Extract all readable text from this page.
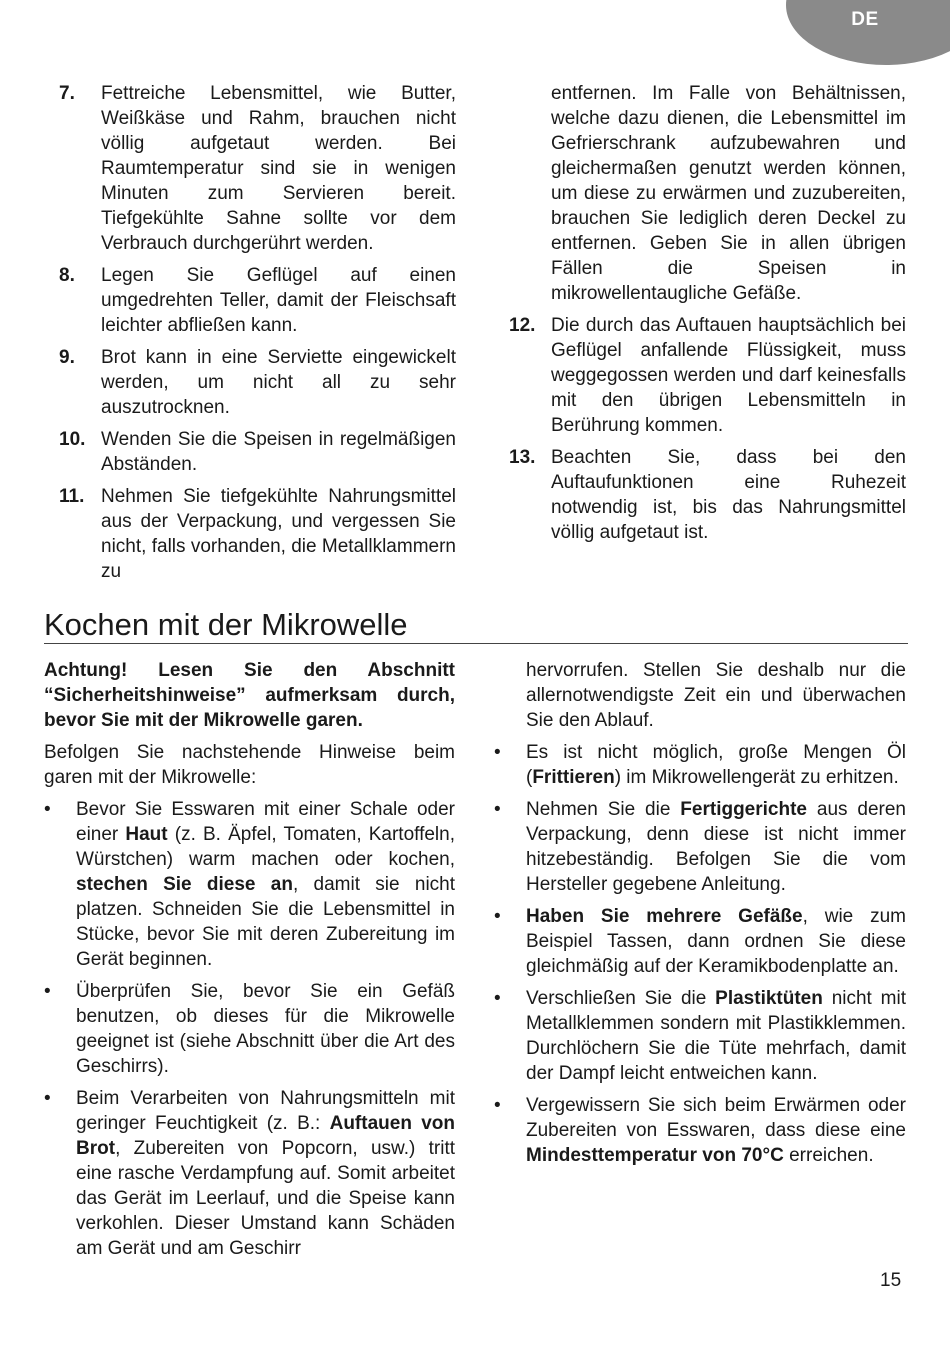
DE
7. Fettreiche Lebensmittel, wie Butter, Weißkäse und Rahm, brauchen nicht völlig aufgetaut werden. Bei Raumtemperatur sind sie in wenigen Minuten zum Servieren bereit. Tiefgekühlte Sahne sollte vor dem Verbrauch durchgerührt werden.
8. Legen Sie Geflügel auf einen umgedrehten Teller, damit der Fleischsaft leichter abfließen kann.
9. Brot kann in eine Serviette eingewickelt werden, um nicht all zu sehr auszutrocknen.
10. Wenden Sie die Speisen in regelmäßigen Abständen.
11. Nehmen Sie tiefgekühlte Nahrungsmittel aus der Verpackung, und vergessen Sie nicht, falls vorhanden, die Metallklammern zu

entfernen. Im Falle von Behältnissen, welche dazu dienen, die Lebensmittel im Gefrierschrank aufzubewahren und gleichermaßen genutzt werden können, um diese zu erwärmen und zuzubereiten, brauchen Sie lediglich deren Deckel zu entfernen. Geben Sie in allen übrigen Fällen die Speisen in mikrowellentaugliche Gefäße.

12. Die durch das Auftauen hauptsächlich bei Geflügel anfallende Flüssigkeit, muss weggegossen werden und darf keinesfalls mit den übrigen Lebensmitteln in Berührung kommen.
13. Beachten Sie, dass bei den Auftaufunktionen eine Ruhezeit notwendig ist, bis das Nahrungsmittel völlig aufgetaut ist.
Kochen mit der Mikrowelle

Achtung! Lesen Sie den Abschnitt “Sicherheitshinweise” aufmerksam durch, bevor Sie mit der Mikrowelle garen.

Befolgen Sie nachstehende Hinweise beim garen mit der Mikrowelle:

• Bevor Sie Esswaren mit einer Schale oder einer Haut (z. B. Äpfel, Tomaten, Kartoffeln, Würstchen) warm machen oder kochen, stechen Sie diese an, damit sie nicht platzen. Schneiden Sie die Lebensmittel in Stücke, bevor Sie mit deren Zubereitung im Gerät beginnen.
• Überprüfen Sie, bevor Sie ein Gefäß benutzen, ob dieses für die Mikrowelle geeignet ist (siehe Abschnitt über die Art des Geschirrs).
• Beim Verarbeiten von Nahrungsmitteln mit geringer Feuchtigkeit (z. B.: Auftauen von Brot, Zubereiten von Popcorn, usw.) tritt eine rasche Verdampfung auf. Somit arbeitet das Gerät im Leerlauf, und die Speise kann verkohlen. Dieser Umstand kann Schäden am Gerät und am Geschirr

hervorrufen. Stellen Sie deshalb nur die allernotwendigste Zeit ein und überwachen Sie den Ablauf.

• Es ist nicht möglich, große Mengen Öl (Frittieren) im Mikrowellengerät zu erhitzen.
• Nehmen Sie die Fertiggerichte aus deren Verpackung, denn diese ist nicht immer hitzebeständig. Befolgen Sie die vom Hersteller gegebene Anleitung.
• Haben Sie mehrere Gefäße, wie zum Beispiel Tassen, dann ordnen Sie diese gleichmäßig auf der Keramikbodenplatte an.
• Verschließen Sie die Plastiktüten nicht mit Metallklemmen sondern mit Plastikklemmen. Durchlöchern Sie die Tüte mehrfach, damit der Dampf leicht entweichen kann.
• Vergewissern Sie sich beim Erwärmen oder Zubereiten von Esswaren, dass diese eine Mindesttemperatur von 70°C erreichen.
15
